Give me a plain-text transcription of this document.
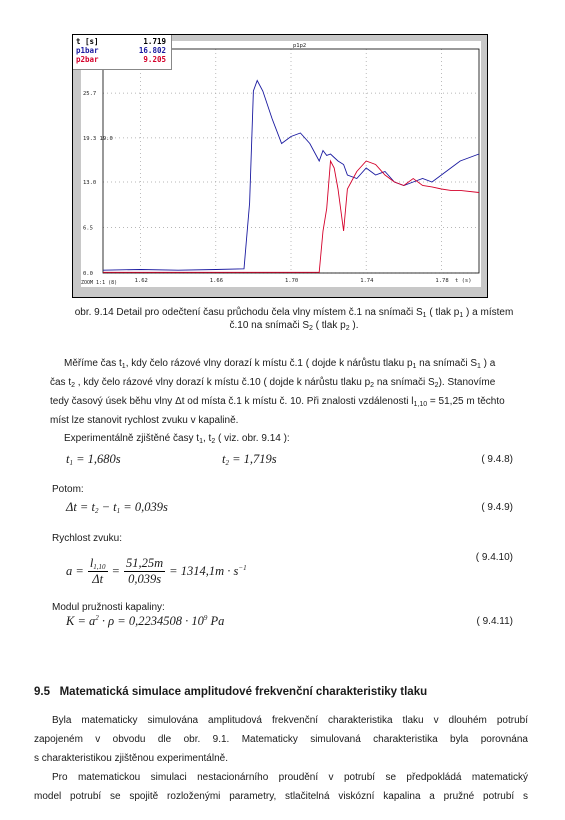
25.7
19.3 19.0
13.0
6.5
0.0
1.62	1.66	1.70	1.74	1.78 t (s)
ZOOM 1:1 (8)
p1p2
t [s]	1.719
p1bar	16.802
p2bar	9.205
obr. 9.14 Detail pro odečtení času průchodu čela vlny místem č.1 na snímači $S_1$ ( tlak $p_1$ ) a místem
č.10 na snímači $S_2$ ( tlak $p_2$ ).
Měříme čas $t_1$, kdy čelo rázové vlny dorazí k místu č.1 ( dojde k nárůstu tlaku $p_1$ na snímači $S_1$ ) a
čas $t_2$ , kdy čelo rázové vlny dorazí k místu č.10 ( dojde k nárůstu tlaku $p_2$ na snímači $S_2$). Stanovíme
tedy časový úsek běhu vlny Δt od místa č.1 k místu č. 10. Při znalosti vzdálenosti $l_{1,10} = 51,25$ m těchto
míst lze stanovit rychlost zvuku v kapalině.
Experimentálně zjištěné časy $t_1$, $t_2$ ( viz. obr. 9.14 ):
$t_1 = 1,680s$	$t_2 = 1,719s$	( 9.4.8)
Potom:
$\Delta t = t_2 - t_1 = 0,039s$	( 9.4.9)
Rychlost zvuku:
$a = \frac{l_{1,10}}{\Delta t} = \frac{51,25m}{0,039s} = 1314,1m \cdot s^{-1}$
( 9.4.10)
Modul pružnosti kapaliny:
$K = a^2 \cdot \rho = 0,2234508 \cdot 10^9$ Pa	( 9.4.11)
9.5 Matematická simulace amplitudové frekvenční charakteristiky tlaku
Byla matematicky simulována amplitudová frekvenční charakteristika tlaku v dlouhém potrubí
zapojeném v obvodu dle obr. 9.1. Matematicky simulovaná charakteristika byla porovnána
s charakteristikou zjištěnou experimentálně.
Pro matematickou simulaci nestacionárního proudění v potrubí se předpokládá matematický
model potrubí se spojitě rozloženými parametry, stlačitelná viskózní kapalina a pružné potrubí s
